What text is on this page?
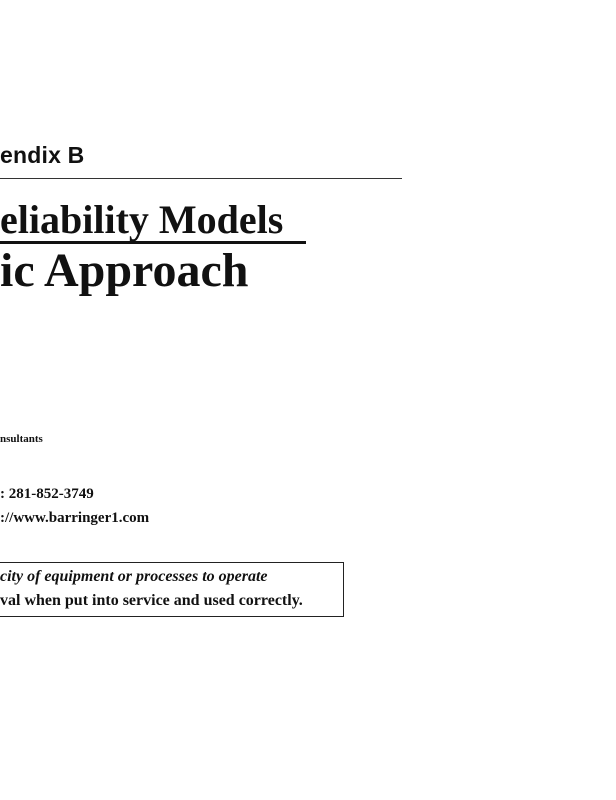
endix B
eliability Models
ic Approach
nsultants
: 281-852-3749
://www.barringer1.com
city of equipment or processes to operate
val when put into service and used correctly.
